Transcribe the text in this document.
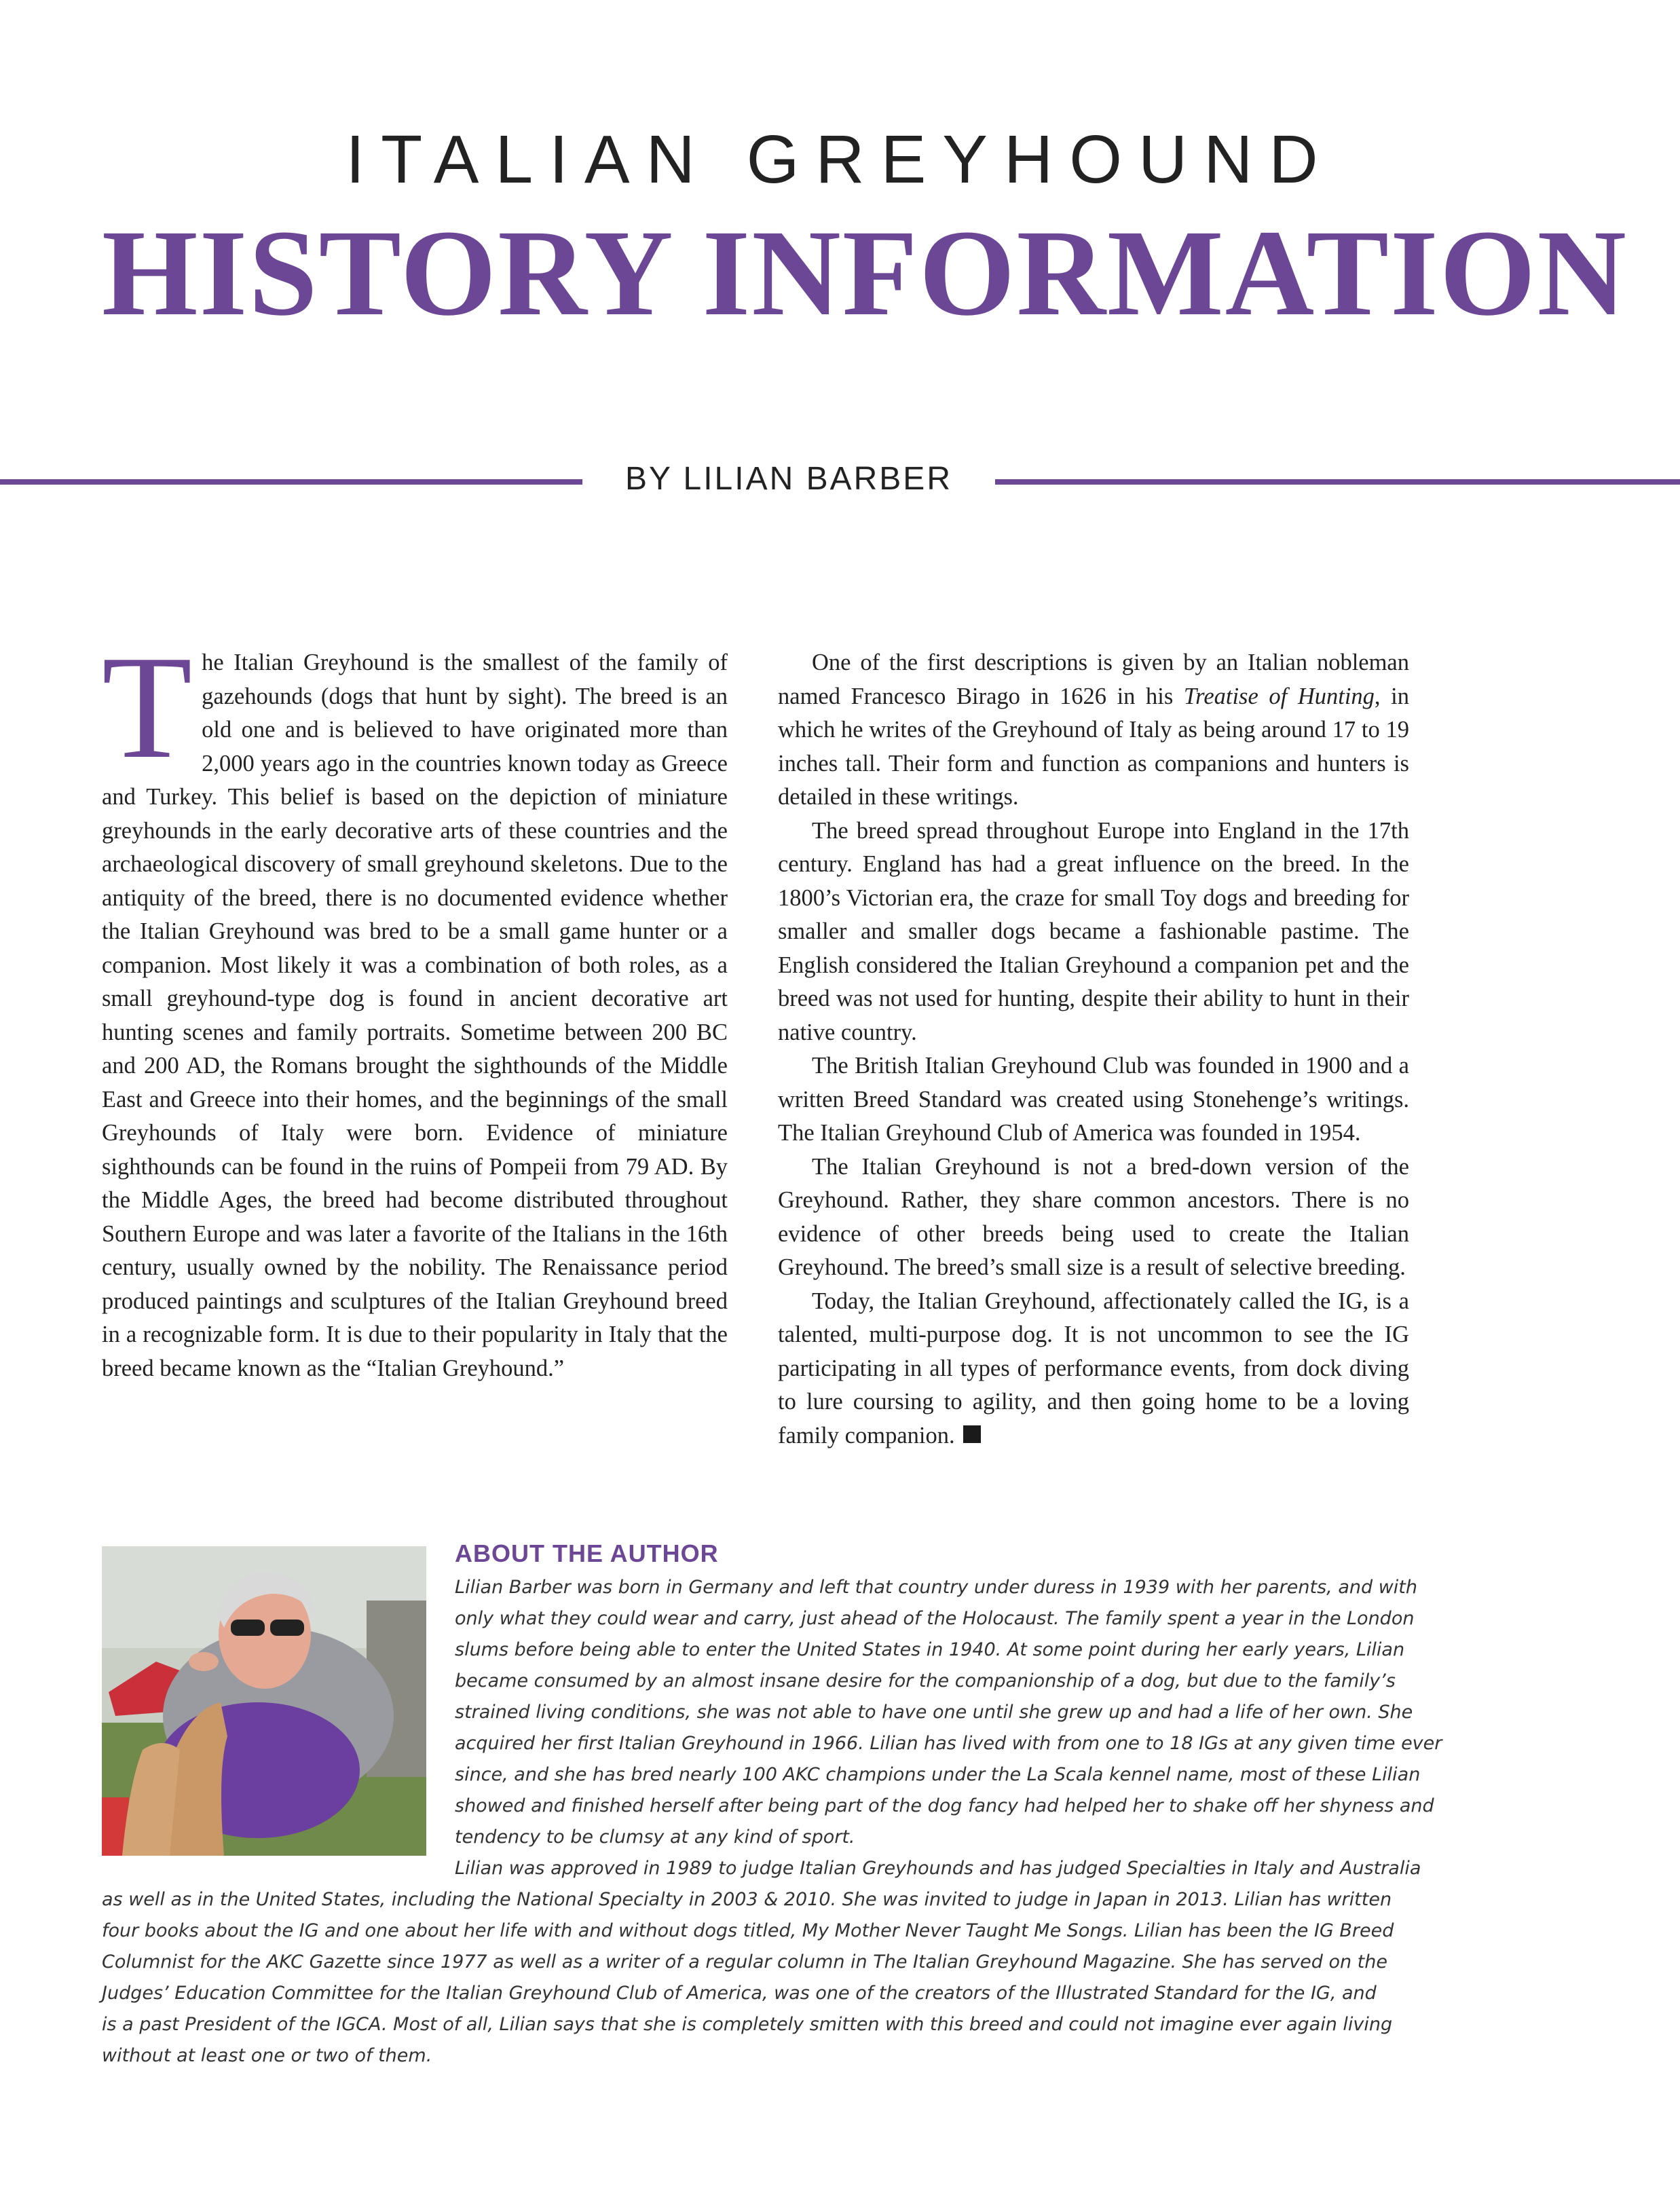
ITALIAN GREYHOUND
HISTORY INFORMATION
BY LILIAN BARBER

The Italian Greyhound is the smallest of the family of gazehounds (dogs that hunt by sight). The breed is an old one and is believed to have originated more than 2,000 years ago in the countries known today as Greece and Turkey. This belief is based on the depiction of miniature greyhounds in the early decorative arts of these countries and the archaeological discovery of small greyhound skeletons. Due to the antiquity of the breed, there is no documented evidence whether the Italian Greyhound was bred to be a small game hunter or a companion. Most likely it was a combination of both roles, as a small greyhound-type dog is found in ancient decorative art hunting scenes and family portraits. Sometime between 200 BC and 200 AD, the Romans brought the sighthounds of the Middle East and Greece into their homes, and the beginnings of the small Greyhounds of Italy were born. Evidence of miniature sighthounds can be found in the ruins of Pompeii from 79 AD. By the Middle Ages, the breed had become distributed throughout Southern Europe and was later a favorite of the Italians in the 16th century, usually owned by the nobility. The Renaissance period produced paintings and sculptures of the Italian Greyhound breed in a recognizable form. It is due to their popularity in Italy that the breed became known as the “Italian Greyhound.”

One of the first descriptions is given by an Italian nobleman named Francesco Birago in 1626 in his Treatise of Hunting, in which he writes of the Greyhound of Italy as being around 17 to 19 inches tall. Their form and function as companions and hunters is detailed in these writings.

The breed spread throughout Europe into England in the 17th century. England has had a great influence on the breed. In the 1800’s Victorian era, the craze for small Toy dogs and breeding for smaller and smaller dogs became a fashionable pastime. The English considered the Italian Greyhound a companion pet and the breed was not used for hunting, despite their ability to hunt in their native country.

The British Italian Greyhound Club was founded in 1900 and a written Breed Standard was created using Stonehenge’s writings. The Italian Greyhound Club of America was founded in 1954.

The Italian Greyhound is not a bred-down version of the Greyhound. Rather, they share common ancestors. There is no evidence of other breeds being used to create the Italian Greyhound. The breed’s small size is a result of selective breeding.

Today, the Italian Greyhound, affectionately called the IG, is a talented, multi-purpose dog. It is not uncommon to see the IG participating in all types of performance events, from dock diving to lure coursing to agility, and then going home to be a loving family companion.

ABOUT THE AUTHOR
Lilian Barber was born in Germany and left that country under duress in 1939 with her parents, and with
only what they could wear and carry, just ahead of the Holocaust. The family spent a year in the London
slums before being able to enter the United States in 1940. At some point during her early years, Lilian
became consumed by an almost insane desire for the companionship of a dog, but due to the family’s
strained living conditions, she was not able to have one until she grew up and had a life of her own. She
acquired her first Italian Greyhound in 1966. Lilian has lived with from one to 18 IGs at any given time ever
since, and she has bred nearly 100 AKC champions under the La Scala kennel name, most of these Lilian
showed and finished herself after being part of the dog fancy had helped her to shake off her shyness and
tendency to be clumsy at any kind of sport.
Lilian was approved in 1989 to judge Italian Greyhounds and has judged Specialties in Italy and Australia
as well as in the United States, including the National Specialty in 2003 & 2010. She was invited to judge in Japan in 2013. Lilian has written
four books about the IG and one about her life with and without dogs titled, My Mother Never Taught Me Songs. Lilian has been the IG Breed
Columnist for the AKC Gazette since 1977 as well as a writer of a regular column in The Italian Greyhound Magazine. She has served on the
Judges’ Education Committee for the Italian Greyhound Club of America, was one of the creators of the Illustrated Standard for the IG, and
is a past President of the IGCA. Most of all, Lilian says that she is completely smitten with this breed and could not imagine ever again living
without at least one or two of them.
